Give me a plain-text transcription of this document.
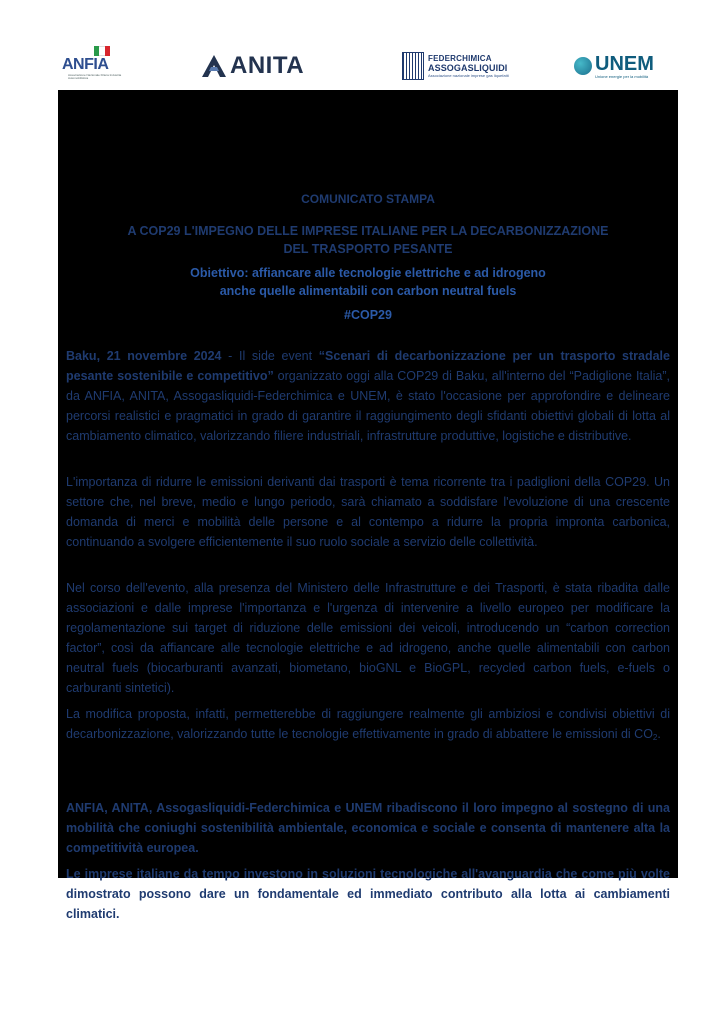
ANFIA
Associazione Nazionale Filiera Industria Automobilistica	ANITA	FEDERCHIMICA
ASSOGASLIQUIDI
Associazione nazionale imprese gas liquefatti
UNEM
Unione energie per la mobilità
COMUNICATO STAMPA
A COP29 L'IMPEGNO DELLE IMPRESE ITALIANE PER LA DECARBONIZZAZIONE
DEL TRASPORTO PESANTE
Obiettivo: affiancare alle tecnologie elettriche e ad idrogeno
anche quelle alimentabili con carbon neutral fuels
#COP29

Baku, 21 novembre 2024 - Il side event “Scenari di decarbonizzazione per un trasporto stradale pesante sostenibile e competitivo” organizzato oggi alla COP29 di Baku, all'interno del “Padiglione Italia”, da ANFIA, ANITA, Assogasliquidi-Federchimica e UNEM, è stato l'occasione per approfondire e delineare percorsi realistici e pragmatici in grado di garantire il raggiungimento degli sfidanti obiettivi globali di lotta al cambiamento climatico, valorizzando filiere industriali, infrastrutture produttive, logistiche e distributive.

L'importanza di ridurre le emissioni derivanti dai trasporti è tema ricorrente tra i padiglioni della COP29. Un settore che, nel breve, medio e lungo periodo, sarà chiamato a soddisfare l'evoluzione di una crescente domanda di merci e mobilità delle persone e al contempo a ridurre la propria impronta carbonica, continuando a svolgere efficientemente il suo ruolo sociale a servizio delle collettività.

Nel corso dell'evento, alla presenza del Ministero delle Infrastrutture e dei Trasporti, è stata ribadita dalle associazioni e dalle imprese l'importanza e l'urgenza di intervenire a livello europeo per modificare la regolamentazione sui target di riduzione delle emissioni dei veicoli, introducendo un “carbon correction factor”, così da affiancare alle tecnologie elettriche e ad idrogeno, anche quelle alimentabili con carbon neutral fuels (biocarburanti avanzati, biometano, bioGNL e BioGPL, recycled carbon fuels, e-fuels o carburanti sintetici).

La modifica proposta, infatti, permetterebbe di raggiungere realmente gli ambiziosi e condivisi obiettivi di decarbonizzazione, valorizzando tutte le tecnologie effettivamente in grado di abbattere le emissioni di $CO_2$.

ANFIA, ANITA, Assogasliquidi-Federchimica e UNEM ribadiscono il loro impegno al sostegno di una mobilità che coniughi sostenibilità ambientale, economica e sociale e consenta di mantenere alta la competitività europea.

Le imprese italiane da tempo investono in soluzioni tecnologiche all'avanguardia che come più volte dimostrato possono dare un fondamentale ed immediato contributo alla lotta ai cambiamenti climatici.
